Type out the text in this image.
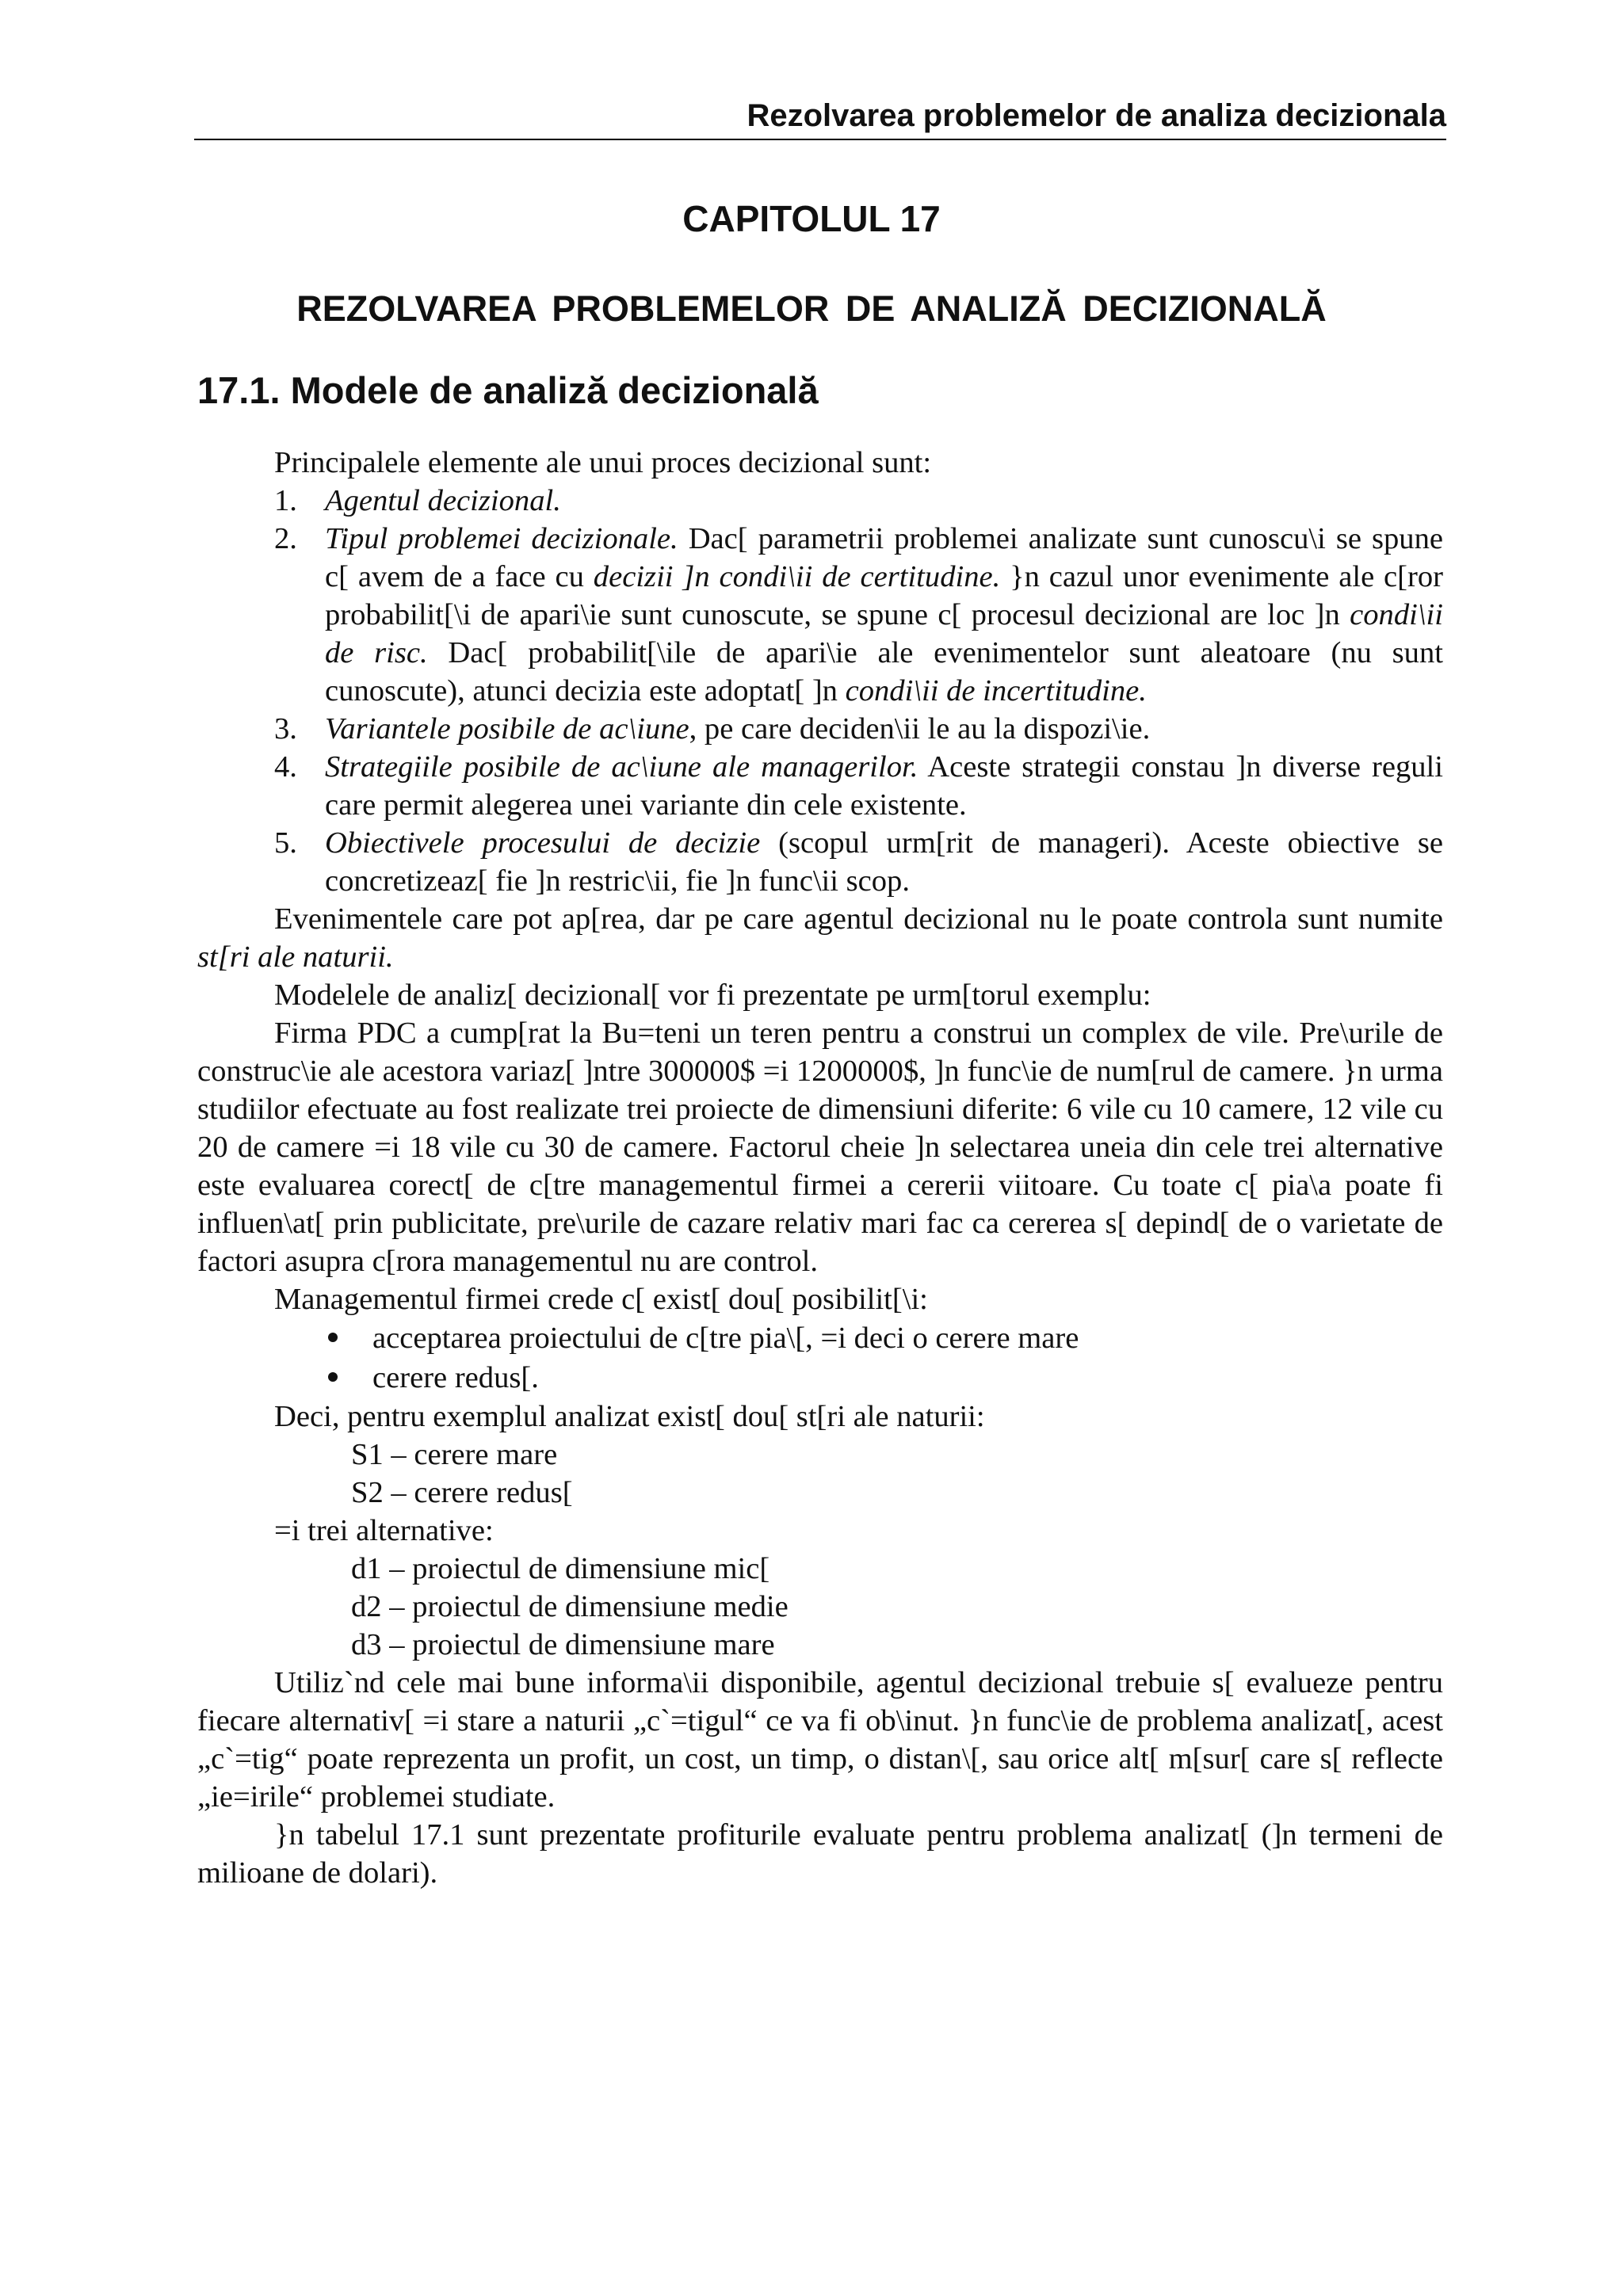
Rezolvarea problemelor de analiza decizionala
CAPITOLUL 17
REZOLVAREA PROBLEMELOR DE ANALIZĂ DECIZIONALĂ
17.1. Modele de analiză decizională

Principalele elemente ale unui proces decizional sunt:

1. Agentul decizional.
2. Tipul problemei decizionale. Dac[ parametrii problemei analizate sunt cunoscu\i se spune c[ avem de a face cu decizii ]n condi\ii de certitudine. }n cazul unor evenimente ale c[ror probabilit[\i de apari\ie sunt cunoscute, se spune c[ procesul decizional are loc ]n condi\ii de risc. Dac[ probabilit[\ile de apari\ie ale evenimentelor sunt aleatoare (nu sunt cunoscute), atunci decizia este adoptat[ ]n condi\ii de incertitudine.
3. Variantele posibile de ac\iune, pe care deciden\ii le au la dispozi\ie.
4. Strategiile posibile de ac\iune ale managerilor. Aceste strategii constau ]n diverse reguli care permit alegerea unei variante din cele existente.
5. Obiectivele procesului de decizie (scopul urm[rit de manageri). Aceste obiective se concretizeaz[ fie ]n restric\ii, fie ]n func\ii scop.

Evenimentele care pot ap[rea, dar pe care agentul decizional nu le poate controla sunt numite st[ri ale naturii.

Modelele de analiz[ decizional[ vor fi prezentate pe urm[torul exemplu:

Firma PDC a cump[rat la Bu=teni un teren pentru a construi un complex de vile. Pre\urile de construc\ie ale acestora variaz[ ]ntre 300000$ =i 1200000$, ]n func\ie de num[rul de camere. }n urma studiilor efectuate au fost realizate trei proiecte de dimensiuni diferite: 6 vile cu 10 camere, 12 vile cu 20 de camere =i 18 vile cu 30 de camere. Factorul cheie ]n selectarea uneia din cele trei alternative este evaluarea corect[ de c[tre managementul firmei a cererii viitoare. Cu toate c[ pia\a poate fi influen\at[ prin publicitate, pre\urile de cazare relativ mari fac ca cererea s[ depind[ de o varietate de factori asupra c[rora managementul nu are control.

Managementul firmei crede c[ exist[ dou[ posibilit[\i:

acceptarea proiectului de c[tre pia\[, =i deci o cerere mare
cerere redus[.

Deci, pentru exemplul analizat exist[ dou[ st[ri ale naturii:

S1 – cerere mare
S2 – cerere redus[

=i trei alternative:

d1 – proiectul de dimensiune mic[
d2 – proiectul de dimensiune medie
d3 – proiectul de dimensiune mare

Utiliz`nd cele mai bune informa\ii disponibile, agentul decizional trebuie s[ evalueze pentru fiecare alternativ[ =i stare a naturii „c`=tigul“ ce va fi ob\inut. }n func\ie de problema analizat[, acest „c`=tig“ poate reprezenta un profit, un cost, un timp, o distan\[, sau orice alt[ m[sur[ care s[ reflecte „ie=irile“ problemei studiate.

}n tabelul 17.1 sunt prezentate profiturile evaluate pentru problema analizat[ (]n termeni de milioane de dolari).
